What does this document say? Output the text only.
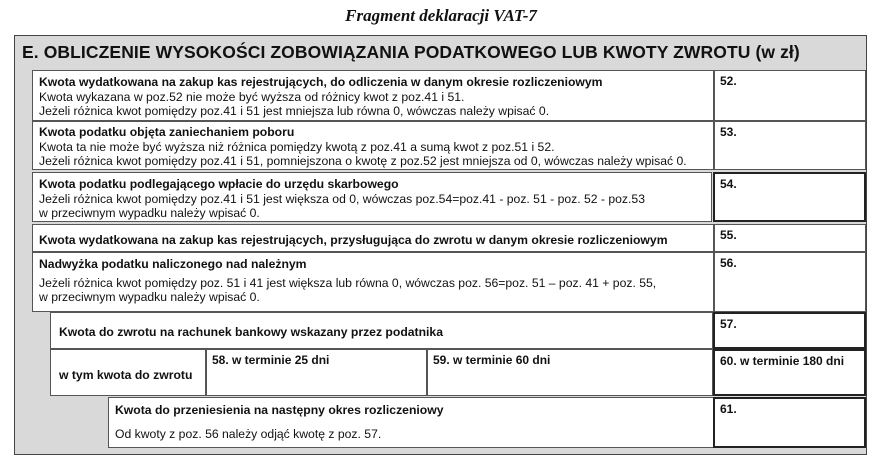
Fragment deklaracji VAT-7
E. OBLICZENIE WYSOKOŚCI ZOBOWIĄZANIA PODATKOWEGO LUB KWOTY ZWROTU (w zł)
Kwota wydatkowana na zakup kas rejestrujących, do odliczenia w danym okresie rozliczeniowym
Kwota wykazana w poz.52 nie może być wyższa od różnicy kwot z poz.41 i 51.
Jeżeli różnica kwot pomiędzy poz.41 i 51 jest mniejsza lub równa 0, wówczas należy wpisać 0.
52.
Kwota podatku objęta zaniechaniem poboru
Kwota ta nie może być wyższa niż różnica pomiędzy kwotą z poz.41 a sumą kwot z poz.51 i 52.
Jeżeli różnica kwot pomiędzy poz.41 i 51, pomniejszona o kwotę z poz.52 jest mniejsza od 0, wówczas należy wpisać 0.
53.
Kwota podatku podlegającego wpłacie do urzędu skarbowego
Jeżeli różnica kwot pomiędzy poz.41 i 51 jest większa od 0, wówczas poz.54=poz.41 - poz. 51 - poz. 52 - poz.53
w przeciwnym wypadku należy wpisać 0.
54.
Kwota wydatkowana na zakup kas rejestrujących, przysługująca do zwrotu w danym okresie rozliczeniowym	55.
Nadwyżka podatku naliczonego nad należnym
Jeżeli różnica kwot pomiędzy poz. 51 i 41 jest większa lub równa 0, wówczas poz. 56=poz. 51 – poz. 41 + poz. 55,
w przeciwnym wypadku należy wpisać 0.
56.
Kwota do zwrotu na rachunek bankowy wskazany przez podatnika
57.
w tym kwota do zwrotu
58. w terminie 25 dni	59. w terminie 60 dni	60. w terminie 180 dni
Kwota do przeniesienia na następny okres rozliczeniowy
Od kwoty z poz. 56 należy odjąć kwotę z poz. 57.
61.
